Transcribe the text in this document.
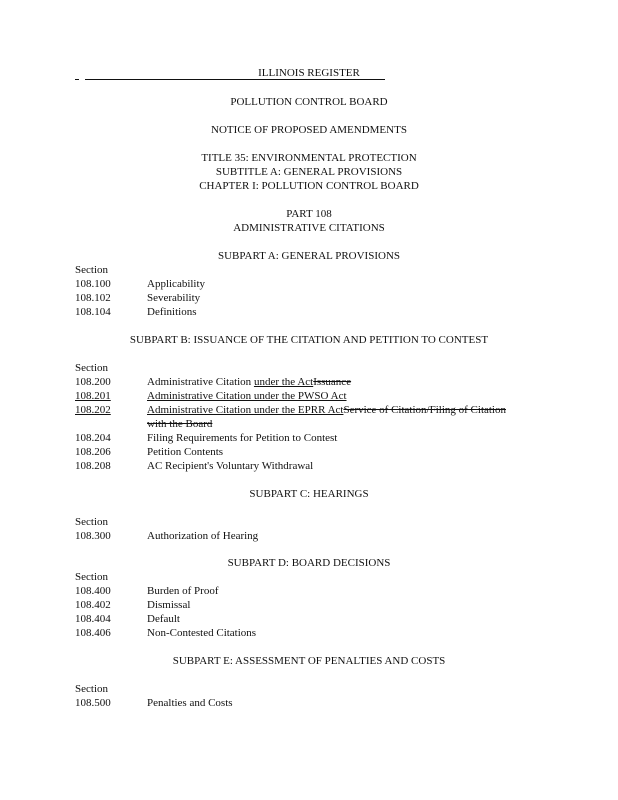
ILLINOIS REGISTER
POLLUTION CONTROL BOARD
NOTICE OF PROPOSED AMENDMENTS
TITLE 35: ENVIRONMENTAL PROTECTION
SUBTITLE A: GENERAL PROVISIONS
CHAPTER I: POLLUTION CONTROL BOARD
PART 108
ADMINISTRATIVE CITATIONS
SUBPART A: GENERAL PROVISIONS
Section
108.100	Applicability
108.102	Severability
108.104	Definitions
SUBPART B: ISSUANCE OF THE CITATION AND PETITION TO CONTEST
Section
108.200	Administrative Citation under the ActIssuance
108.201	Administrative Citation under the PWSO Act
108.202	Administrative Citation under the EPRR ActService of Citation/Filing of Citation
with the Board
108.204	Filing Requirements for Petition to Contest
108.206	Petition Contents
108.208	AC Recipient's Voluntary Withdrawal
SUBPART C: HEARINGS
Section
108.300	Authorization of Hearing
SUBPART D: BOARD DECISIONS
Section
108.400	Burden of Proof
108.402	Dismissal
108.404	Default
108.406	Non-Contested Citations
SUBPART E: ASSESSMENT OF PENALTIES AND COSTS
Section
108.500	Penalties and Costs
